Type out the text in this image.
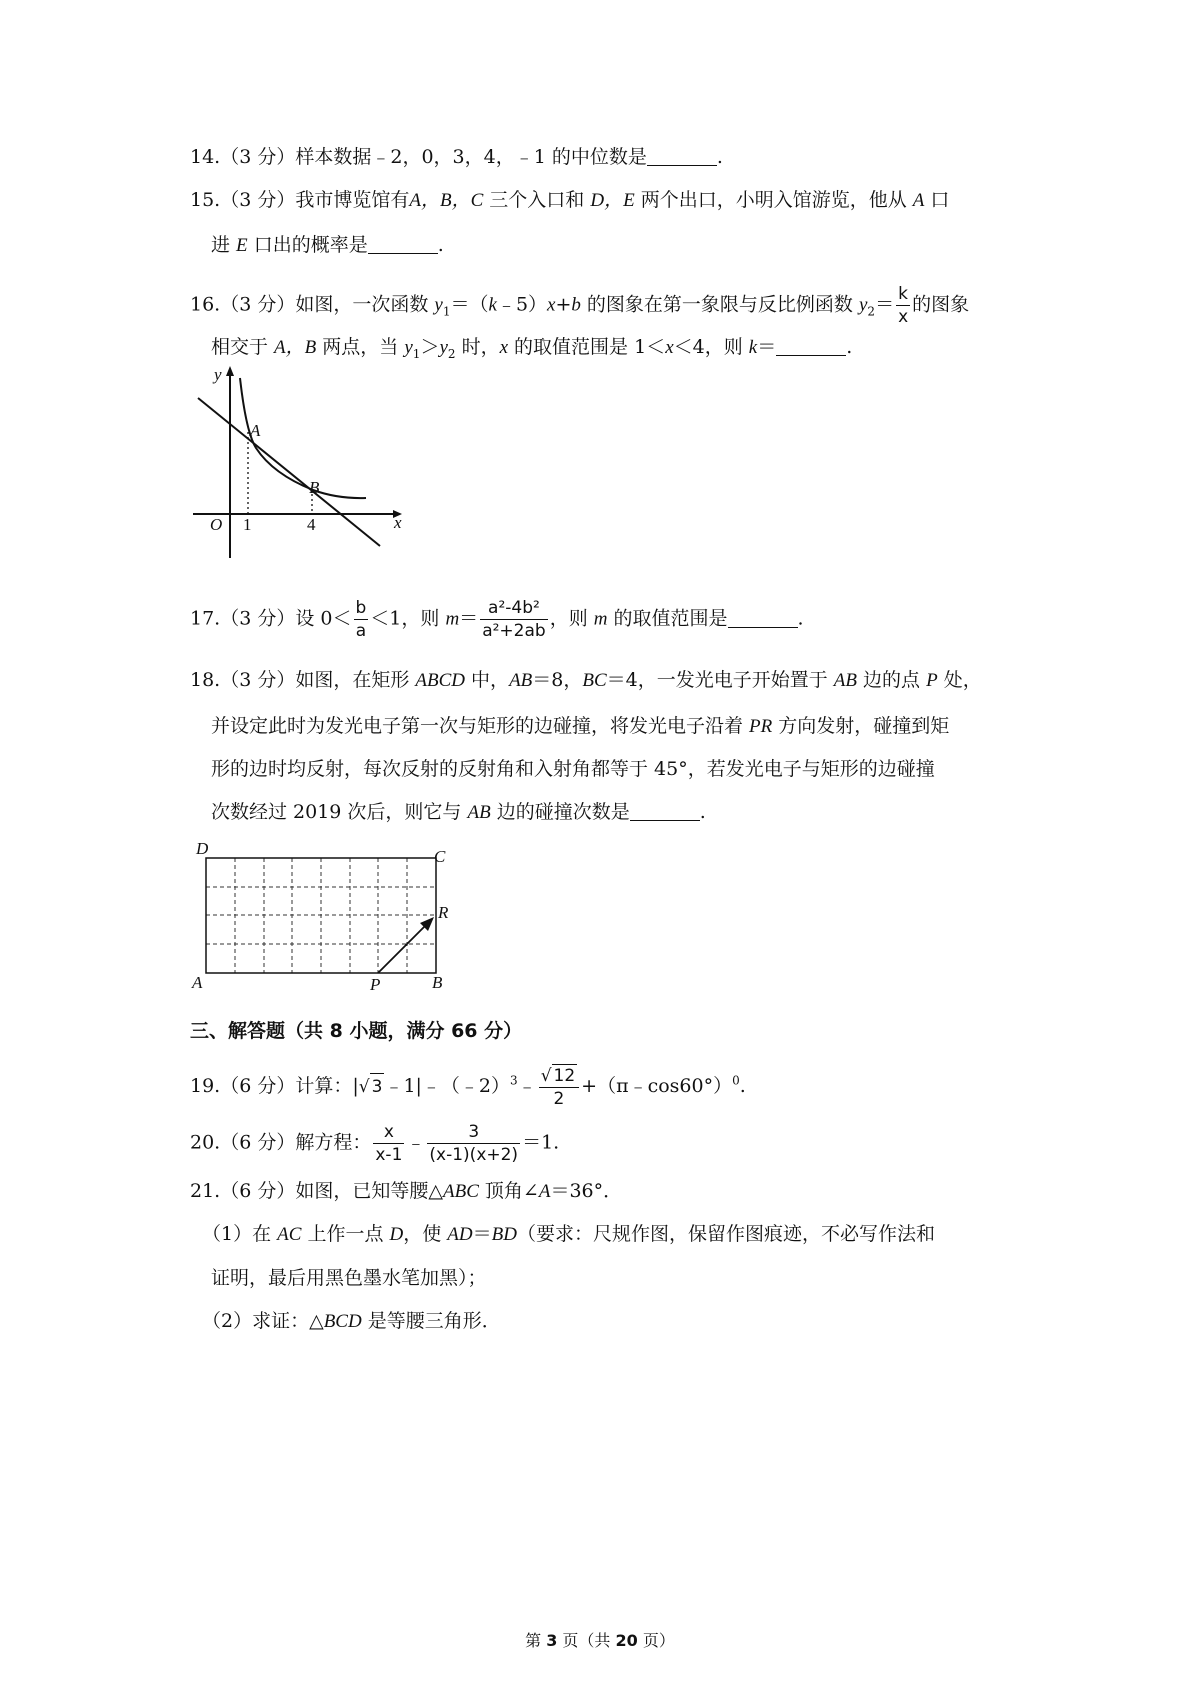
14.（3 分）样本数据﹣2，0，3，4，﹣1 的中位数是	.
15.（3 分）我市博览馆有A，B，C 三个入口和 D，E 两个出口，小明入馆游览，他从 A 口
进 E 口出的概率是	.
16.（3 分）如图，一次函数 $y_1=(k﹣5)x+b$ 的图象在第一象限与反比例函数 $y_2= \frac{k}{x}$ 的图象
相交于 A，B 两点，当 $y_1>y_2$ 时，x 的取值范围是 1＜x＜4，则 k＝	.
y
x
O 1	4
A
B
17.（3 分）设 $0< \frac{b}{a} <1$，则 $m= \frac{\text{a²-4b²}}{\text{a²+2ab}}$ ，则 m 的取值范围是	.
18.（3 分）如图，在矩形 ABCD 中，AB＝8，BC＝4，一发光电子开始置于 AB 边的点 P 处，
并设定此时为发光电子第一次与矩形的边碰撞，将发光电子沿着 PR 方向发射，碰撞到矩
形的边时均反射，每次反射的反射角和入射角都等于 45°，若发光电子与矩形的边碰撞
次数经过 2019 次后，则它与 AB 边的碰撞次数是	.
D	C
A	B
P
R
三、解答题（共 8 小题，满分 66 分）
19.（6 分）计算：|√ 3 ﹣1|﹣（﹣2）$^3$﹣ $\frac{√ 12}{2}$ +（π﹣cos60°）$^0$.
20.（6 分）解方程： $\frac{x}{x-1}$ ﹣ $\frac{3}{(x-1)(x+2)} =1$.
21.（6 分）如图，已知等腰△ABC 顶角∠A＝36°．
（1）在 AC 上作一点 D，使 AD＝BD（要求：尺规作图，保留作图痕迹，不必写作法和
证明，最后用黑色墨水笔加黑）；
（2）求证：△BCD 是等腰三角形．
第 3 页（共 20 页）
